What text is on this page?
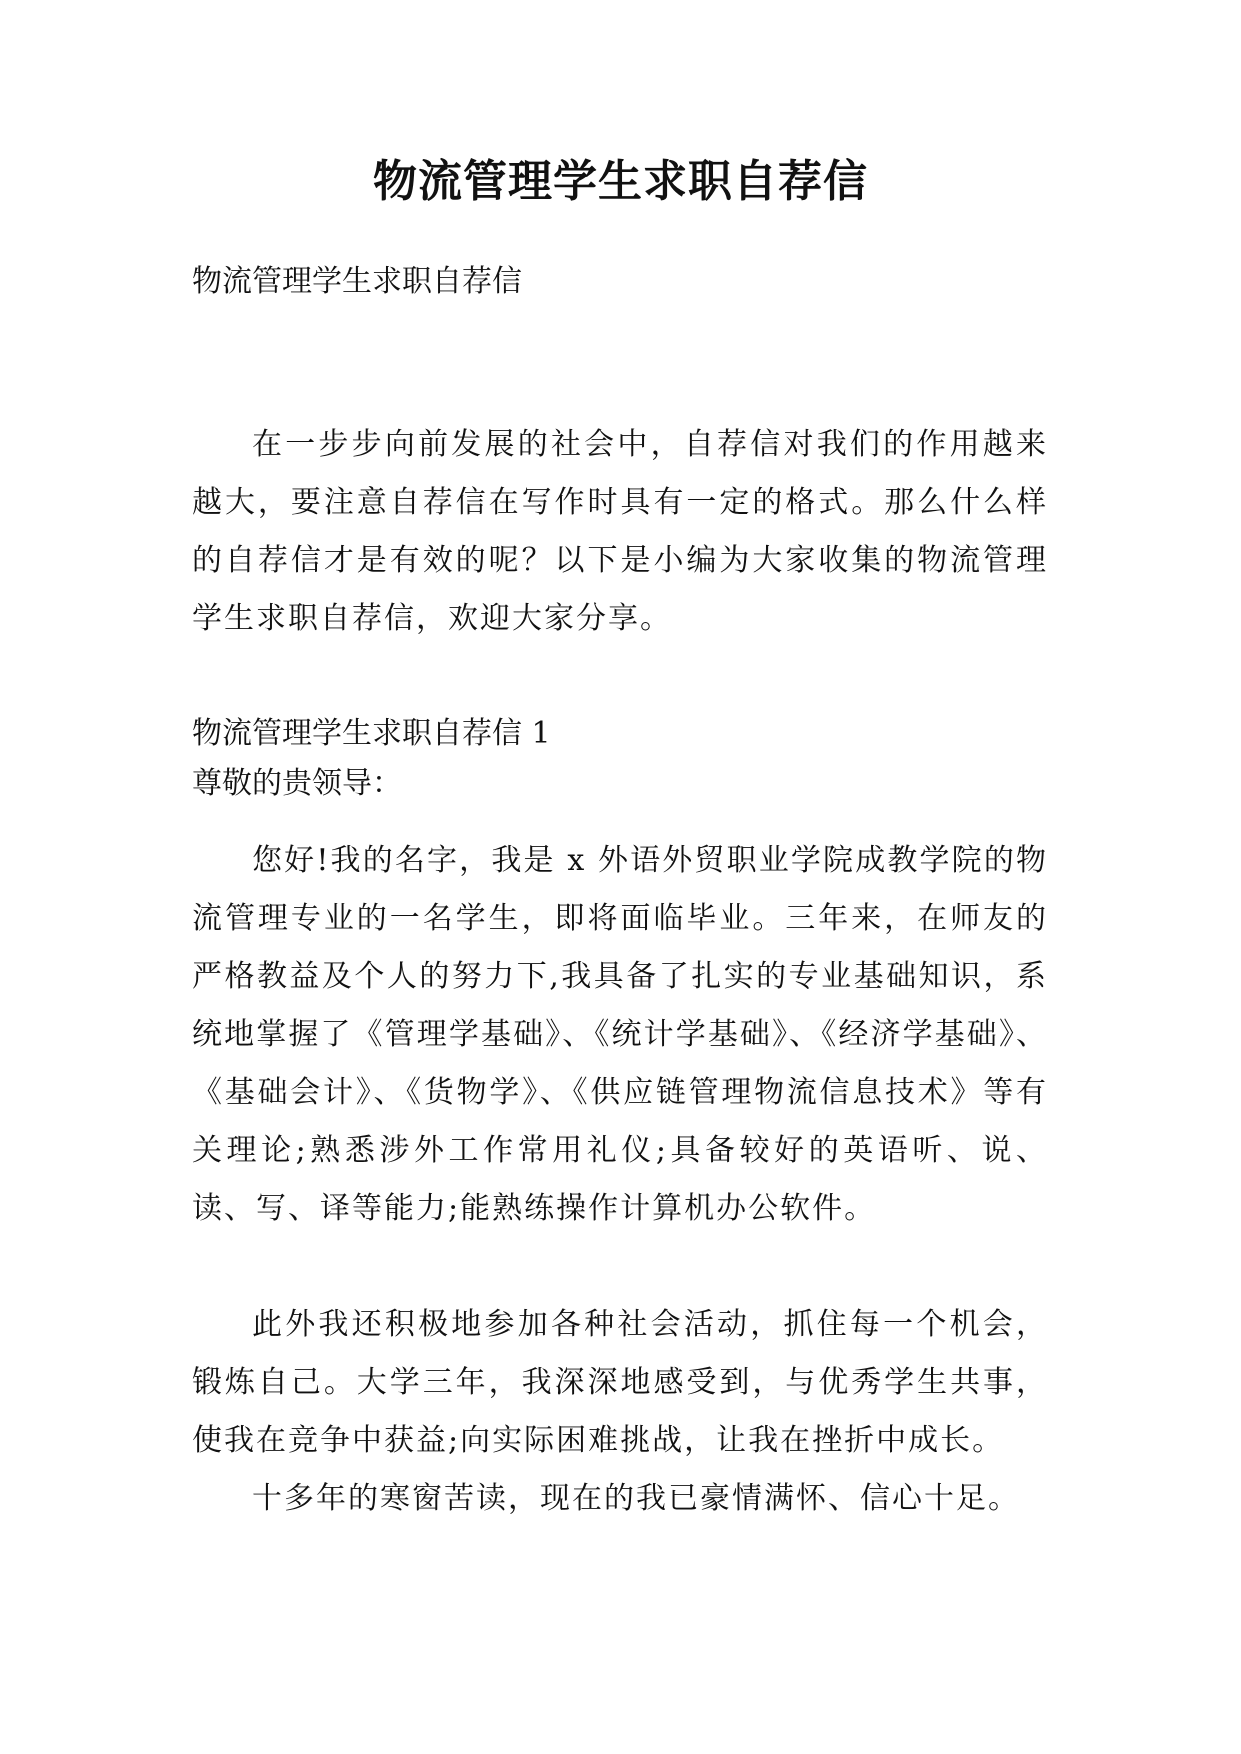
物流管理学生求职自荐信

物流管理学生求职自荐信

在一步步向前发展的社会中，自荐信对我们的作用越来越大，要注意自荐信在写作时具有一定的格式。那么什么样的自荐信才是有效的呢？以下是小编为大家收集的物流管理学生求职自荐信，欢迎大家分享。

物流管理学生求职自荐信 1

尊敬的贵领导：

您好!我的名字，我是 x 外语外贸职业学院成教学院的物流管理专业的一名学生，即将面临毕业。三年来，在师友的严格教益及个人的努力下,我具备了扎实的专业基础知识，系统地掌握了《管理学基础》、《统计学基础》、《经济学基础》、《基础会计》、《货物学》、《供应链管理物流信息技术》等有关理论;熟悉涉外工作常用礼仪;具备较好的英语听、说、读、写、译等能力;能熟练操作计算机办公软件。

此外我还积极地参加各种社会活动，抓住每一个机会，锻炼自己。大学三年，我深深地感受到，与优秀学生共事，使我在竞争中获益;向实际困难挑战，让我在挫折中成长。

十多年的寒窗苦读，现在的我已豪情满怀、信心十足。
